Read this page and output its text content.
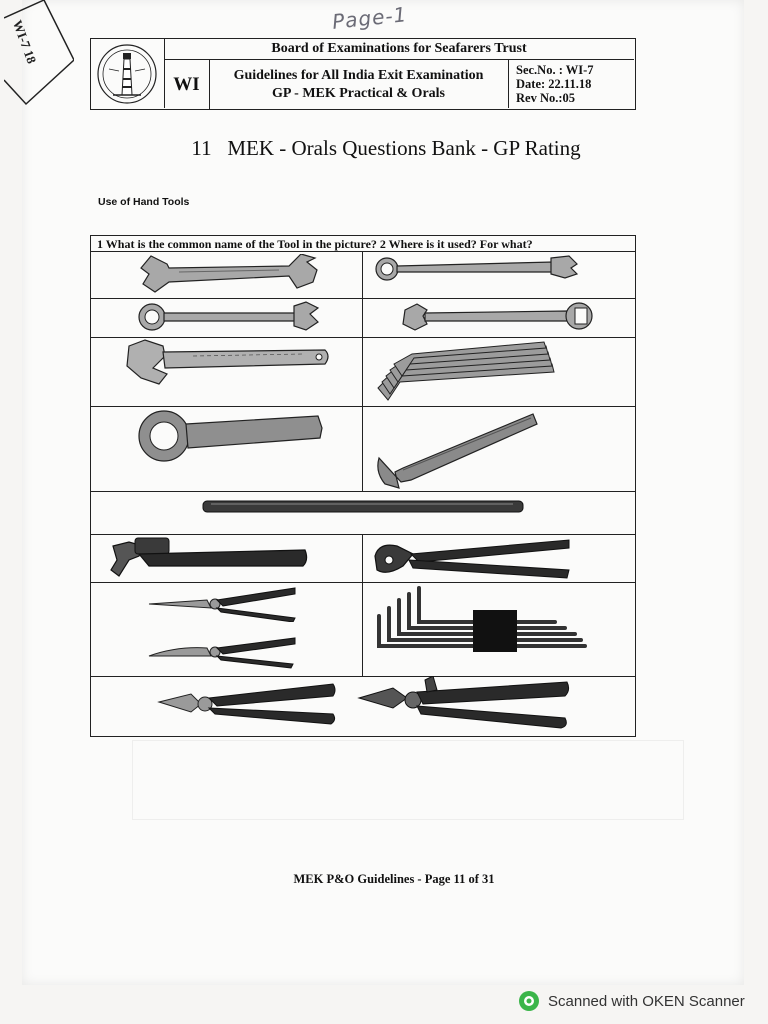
Page-1
WI-7 18	Board of Examinations for Seafarers Trust
WI	Guidelines for All India Exit Examination
GP - MEK Practical & Orals
Sec.No. : WI-7
Date: 22.11.18
Rev No.:05
11   MEK - Orals Questions Bank - GP Rating
Use of Hand Tools
1 What is the common name of the Tool in the picture? 2 Where is it used? For what?
MEK P&O Guidelines - Page 11 of 31
Scanned with OKEN Scanner
